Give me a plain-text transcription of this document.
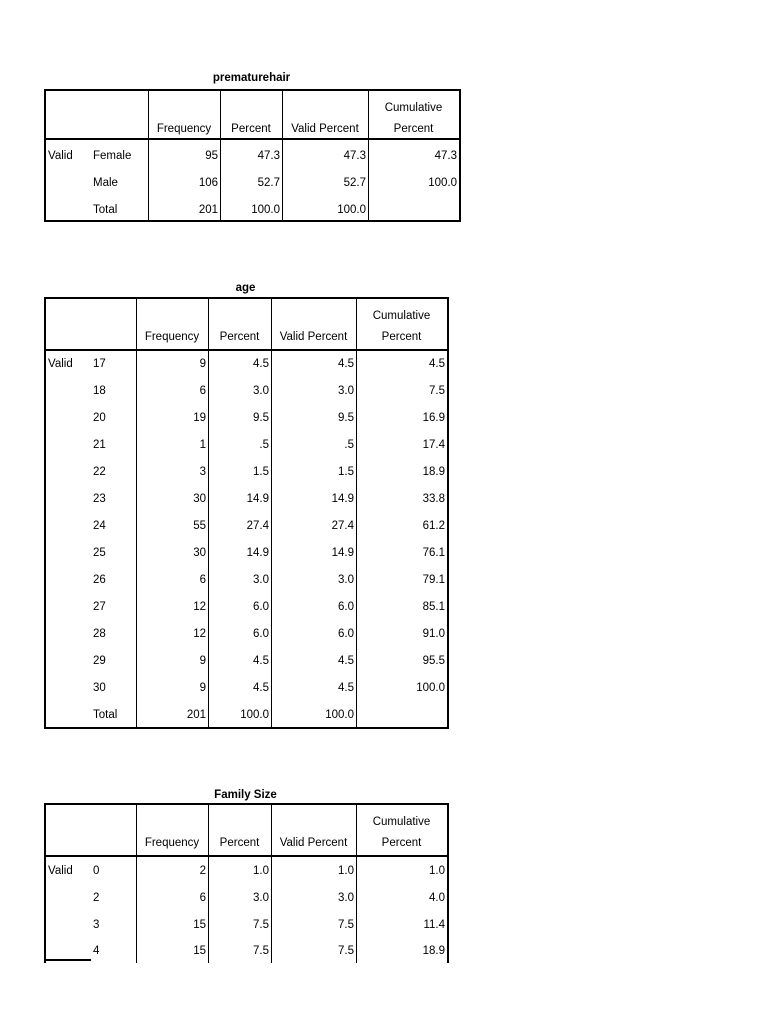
prematurehair
Frequency	Percent	Valid Percent
Cumulative
Percent
Valid Female	95	47.3	47.3	47.3
Male	106	52.7	52.7	100.0
Total	201	100.0	100.0
age
Frequency	Percent	Valid Percent
Cumulative
Percent
Valid 17	9	4.5	4.5	4.5
18	6	3.0	3.0	7.5
20	19	9.5	9.5	16.9
21	1	.5	.5	17.4
22	3	1.5	1.5	18.9
23	30	14.9	14.9	33.8
24	55	27.4	27.4	61.2
25	30	14.9	14.9	76.1
26	6	3.0	3.0	79.1
27	12	6.0	6.0	85.1
28	12	6.0	6.0	91.0
29	9	4.5	4.5	95.5
30	9	4.5	4.5	100.0
Total	201	100.0	100.0
Family Size
Frequency	Percent	Valid Percent
Cumulative
Percent
Valid 0	2	1.0	1.0	1.0
2	6	3.0	3.0	4.0
3	15	7.5	7.5	11.4
4	15	7.5	7.5	18.9
